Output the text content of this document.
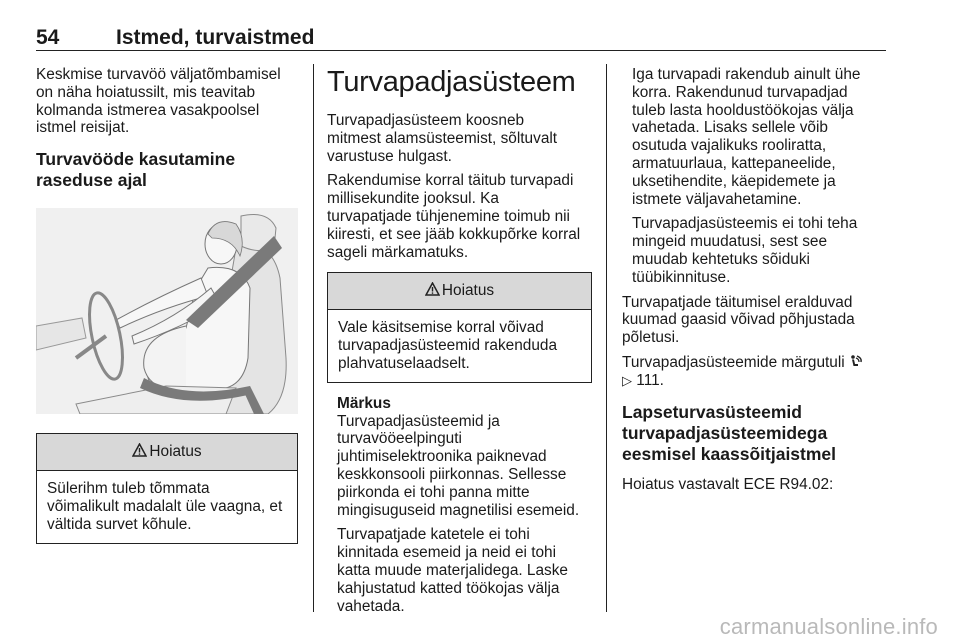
54	Istmed, turvaistmed

Keskmise turvavöö väljatõmbamisel
on näha hoiatussilt, mis teavitab
kolmanda istmerea vasakpoolsel
istmel reisijat.

Turvavööde kasutamine
raseduse ajal
Hoiatus

Sülerihm tuleb tõmmata
võimalikult madalalt üle vaagna, et
vältida survet kõhule.

Turvapadjasüsteem

Turvapadjasüsteem koosneb
mitmest alamsüsteemist, sõltuvalt
varustuse hulgast.

Rakendumise korral täitub turvapadi
millisekundite jooksul. Ka
turvapatjade tühjenemine toimub nii
kiiresti, et see jääb kokkupõrke korral
sageli märkamatuks.

Hoiatus

Vale käsitsemise korral võivad
turvapadjasüsteemid rakenduda
plahvatuselaadselt.

Märkus

Turvapadjasüsteemid ja
turvavööeelpinguti
juhtimiselektroonika paiknevad
keskkonsooli piirkonnas. Sellesse
piirkonda ei tohi panna mitte
mingisuguseid magnetilisi esemeid.

Turvapatjade katetele ei tohi
kinnitada esemeid ja neid ei tohi
katta muude materjalidega. Laske
kahjustatud katted töökojas välja
vahetada.

Iga turvapadi rakendub ainult ühe
korra. Rakendunud turvapadjad
tuleb lasta hooldustöökojas välja
vahetada. Lisaks sellele võib
osutuda vajalikuks rooliratta,
armatuurlaua, kattepaneelide,
uksetihendite, käepidemete ja
istmete väljavahetamine.

Turvapadjasüsteemis ei tohi teha
mingeid muudatusi, sest see
muudab kehtetuks sõiduki
tüübikinnituse.

Turvapatjade täitumisel eralduvad
kuumad gaasid võivad põhjustada
põletusi.

Turvapadjasüsteemide märgutuli
▷ 111.

Lapseturvasüsteemid
turvapadjasüsteemidega
eesmisel kaassõitjaistmel

Hoiatus vastavalt ECE R94.02:

carmanualsonline.info
